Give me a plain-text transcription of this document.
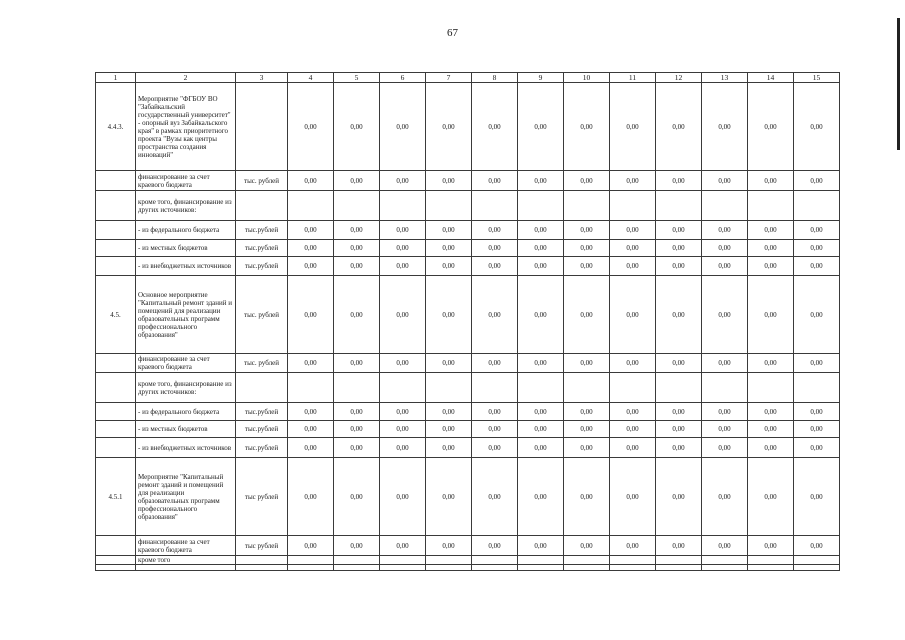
67
1	2	3	4	5	6	7	8	9	10	11	12	13	14	15
4.4.3.	Мероприятие "ФГБОУ ВО "Забайкальский государственный университет" - опорный вуз Забайкальского края" в рамках приоритетного проекта "Вузы как центры пространства создания инноваций"		0,00	0,00	0,00	0,00	0,00	0,00	0,00	0,00	0,00	0,00	0,00	0,00
	финансирование за счет краевого бюджета	тыс. рублей	0,00	0,00	0,00	0,00	0,00	0,00	0,00	0,00	0,00	0,00	0,00	0,00
	кроме того, финансирование из других источников:													
	- из федерального бюджета	тыс.рублей	0,00	0,00	0,00	0,00	0,00	0,00	0,00	0,00	0,00	0,00	0,00	0,00
	- из местных бюджетов	тыс.рублей	0,00	0,00	0,00	0,00	0,00	0,00	0,00	0,00	0,00	0,00	0,00	0,00
	- из внебюджетных источников	тыс.рублей	0,00	0,00	0,00	0,00	0,00	0,00	0,00	0,00	0,00	0,00	0,00	0,00
4.5.	Основное мероприятие "Капитальный ремонт зданий и помещений для реализации образовательных программ профессионального образования"	тыс. рублей	0,00	0,00	0,00	0,00	0,00	0,00	0,00	0,00	0,00	0,00	0,00	0,00
	финансирование за счет краевого бюджета	тыс. рублей	0,00	0,00	0,00	0,00	0,00	0,00	0,00	0,00	0,00	0,00	0,00	0,00
	кроме того, финансирование из других источников:													
	- из федерального бюджета	тыс.рублей	0,00	0,00	0,00	0,00	0,00	0,00	0,00	0,00	0,00	0,00	0,00	0,00
	- из местных бюджетов	тыс.рублей	0,00	0,00	0,00	0,00	0,00	0,00	0,00	0,00	0,00	0,00	0,00	0,00
	- из внебюджетных источников	тыс.рублей	0,00	0,00	0,00	0,00	0,00	0,00	0,00	0,00	0,00	0,00	0,00	0,00
4.5.1	Мероприятие "Капитальный ремонт зданий и помещений для реализации образовательных программ профессионального образования"	тыс рублей	0,00	0,00	0,00	0,00	0,00	0,00	0,00	0,00	0,00	0,00	0,00	0,00
	финансирование за счет краевого бюджета	тыс рублей	0,00	0,00	0,00	0,00	0,00	0,00	0,00	0,00	0,00	0,00	0,00	0,00
	кроме того													
